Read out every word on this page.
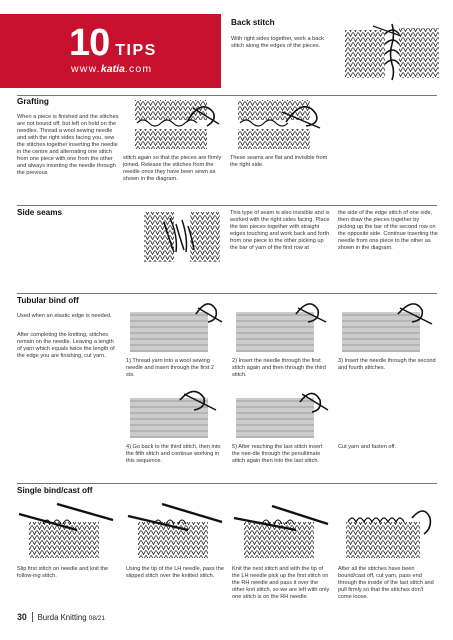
10 TIPS
www.katia.com
Back stitch
With right sides together, work a back stitch along the edges of the pieces.
Grafting
When a piece is finished and the stitches are not bound off, but left on hold on the needles. Thread a wool sewing needle and with the right sides facing you, sew the stitches together inserting the needle in the centre and alternating one stitch from one piece with one from the other and always inserting the needle through the previous
stitch again so that the pieces are firmly joined. Release the stitches from the needle once they have been sewn as shown in the diagram.
These seams are flat and invisible from the right side.
Side seams	This type of seam is also invisible and is worked with the right sides facing. Place the two pieces together with straight edges touching and work back and forth from one piece to the other picking up the bar of yarn of the first row at
the side of the edge stitch of one side, then draw the pieces together by picking up the bar of the second row on the opposite side. Continue inserting the needle from one piece to the other as shown in the diagram.
Tubular bind off
Used when an elastic edge is needed.
After completing the knitting, stitches remain on the needle. Leaving a length of yarn which equals twice the length of the edge you are finishing, cut yarn.
1) Thread yarn into a wool sewing needle and insert through the first 2 sts.
2) Insert the needle through the first stitch again and then through the third stitch.
3) Insert the needle through the second and fourth stitches.
4) Go back to the third stitch, then into the fifth stitch and continue working in this sequence.
5) After reaching the last stitch insert the nee-dle through the penultimate stitch again then into the last stitch.
Cut yarn and fasten off.
Single bind/cast off
Slip first stitch on needle and knit the follow-ing stitch.
Using the tip of the LH needle, pass the slipped stitch over the knitted stitch.
Knit the next stitch and with the tip of the LH needle pick up the first stitch on the RH needle and pass it over the other knit stitch, so we are left with only one stitch is on the RH needle.
After all the stitches have been bound/cast off, cut yarn, pass end through the inside of the last stitch and pull firmly so that the stitches don't come loose.
30 Burda Knitting 08/21
